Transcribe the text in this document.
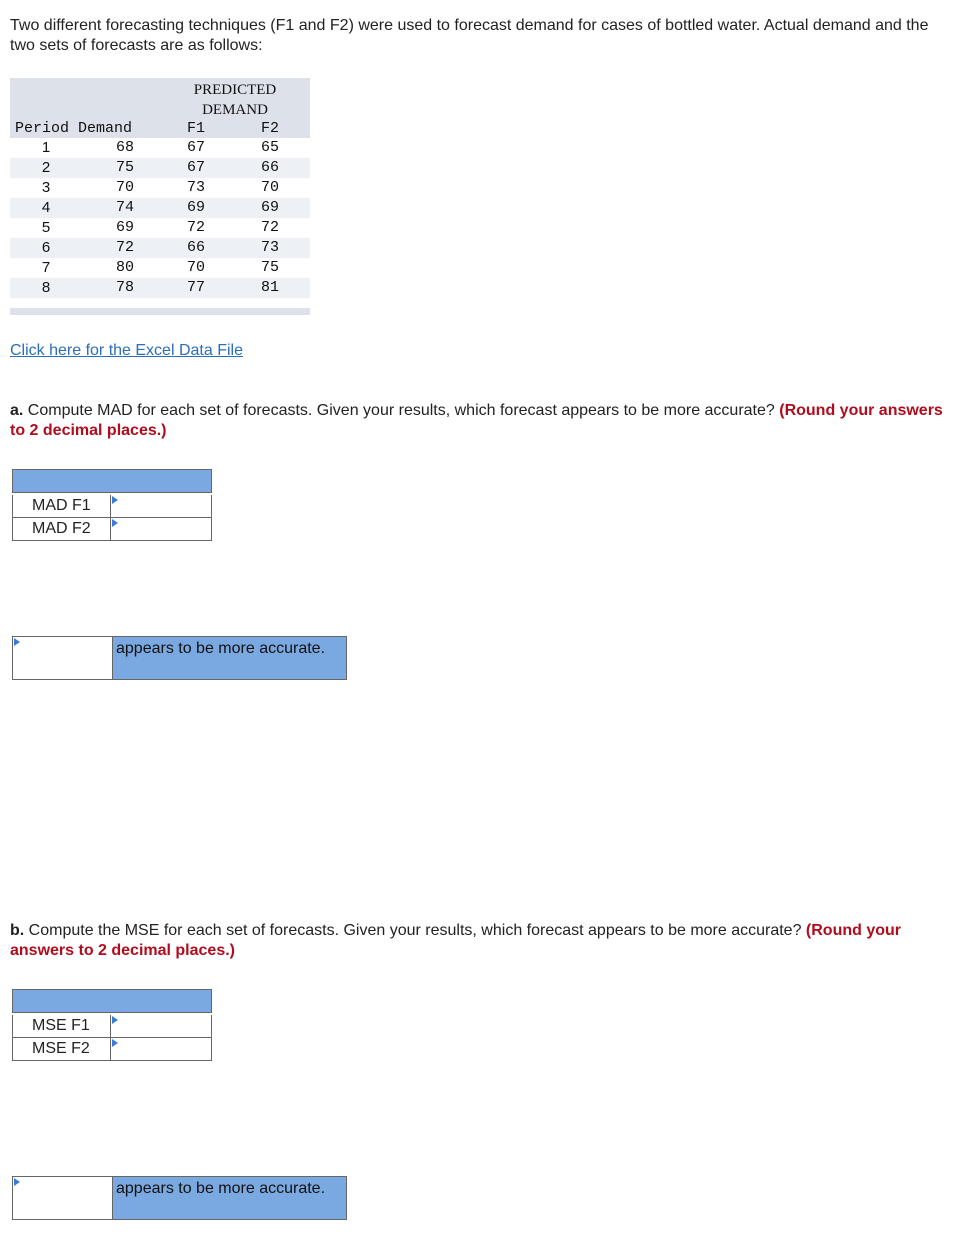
Two different forecasting techniques (F1 and F2) were used to forecast demand for cases of bottled water. Actual demand and the two sets of forecasts are as follows:
PREDICTED
DEMAND
Period Demand	F1	F2
1	68	67	65
2	75	67	66
3	70	73	70
4	74	69	69
5	69	72	72
6	72	66	73
7	80	70	75
8	78	77	81
Click here for the Excel Data File
a. Compute MAD for each set of forecasts. Given your results, which forecast appears to be more accurate? (Round your answers to 2 decimal places.)
MAD F1
MAD F2
appears to be more accurate.
b. Compute the MSE for each set of forecasts. Given your results, which forecast appears to be more accurate? (Round your answers to 2 decimal places.)
MSE F1
MSE F2
appears to be more accurate.
